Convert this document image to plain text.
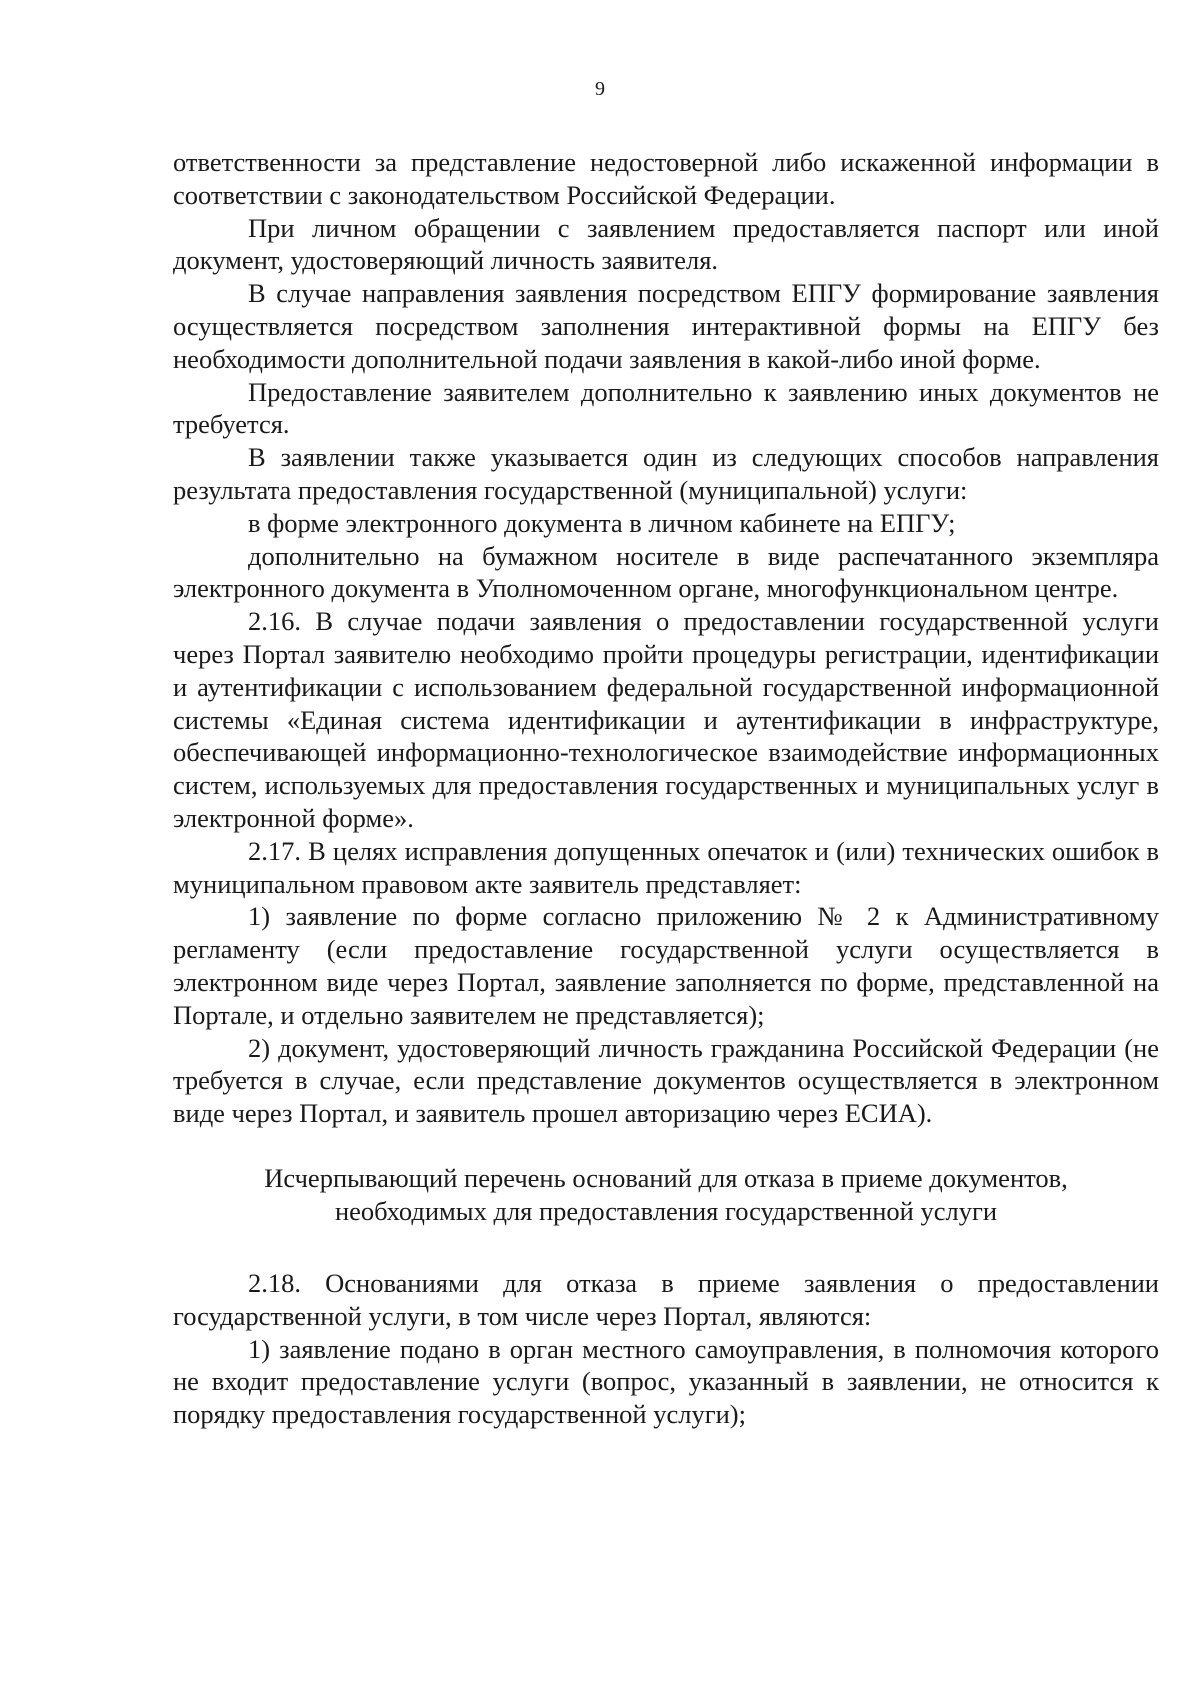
9

ответственности за представление недостоверной либо искаженной информации в соответствии с законодательством Российской Федерации.

При личном обращении с заявлением предоставляется паспорт или иной документ, удостоверяющий личность заявителя.

В случае направления заявления посредством ЕПГУ формирование заявления осуществляется посредством заполнения интерактивной формы на ЕПГУ без необходимости дополнительной подачи заявления в какой-либо иной форме.

Предоставление заявителем дополнительно к заявлению иных документов не требуется.

В заявлении также указывается один из следующих способов направления результата предоставления государственной (муниципальной) услуги:

в форме электронного документа в личном кабинете на ЕПГУ;

дополнительно на бумажном носителе в виде распечатанного экземпляра электронного документа в Уполномоченном органе, многофункциональном центре.

2.16. В случае подачи заявления о предоставлении государственной услуги через Портал заявителю необходимо пройти процедуры регистрации, идентификации и аутентификации с использованием федеральной государственной информационной системы «Единая система идентификации и аутентификации в инфраструктуре, обеспечивающей информационно-технологическое взаимодействие информационных систем, используемых для предоставления государственных и муниципальных услуг в электронной форме».

2.17. В целях исправления допущенных опечаток и (или) технических ошибок в муниципальном правовом акте заявитель представляет:

1) заявление по форме согласно приложению № 2 к Административному регламенту (если предоставление государственной услуги осуществляется в электронном виде через Портал, заявление заполняется по форме, представленной на Портале, и отдельно заявителем не представляется);

2) документ, удостоверяющий личность гражданина Российской Федерации (не требуется в случае, если представление документов осуществляется в электронном виде через Портал, и заявитель прошел авторизацию через ЕСИА).

Исчерпывающий перечень оснований для отказа в приеме документов,
необходимых для предоставления государственной услуги

2.18. Основаниями для отказа в приеме заявления о предоставлении государственной услуги, в том числе через Портал, являются:

1) заявление подано в орган местного самоуправления, в полномочия которого не входит предоставление услуги (вопрос, указанный в заявлении, не относится к порядку предоставления государственной услуги);
